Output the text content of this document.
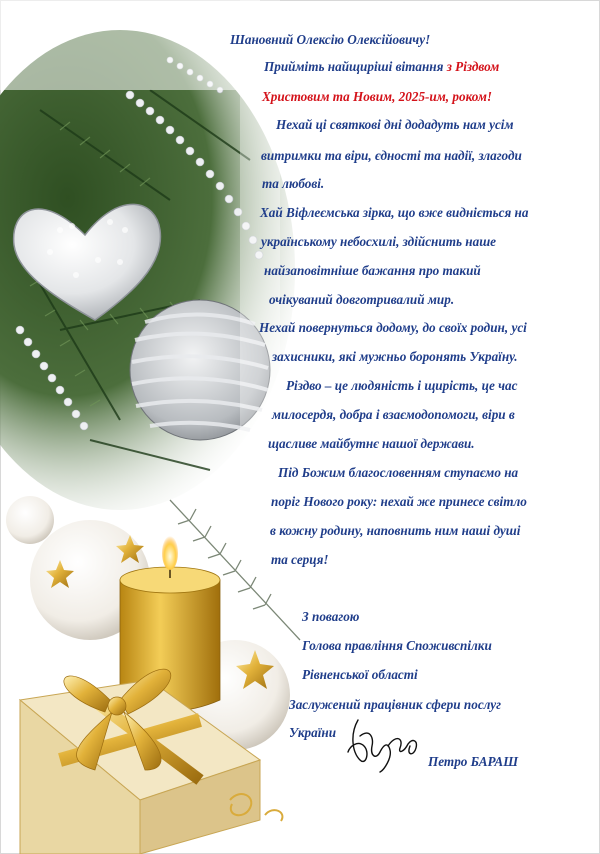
Шановний Олексію Олексійовичу!
Прийміть найщиріші вітання з Різдвом
Христовим та Новим, 2025-им, роком!
Нехай ці святкові дні додадуть нам усім
витримки та віри, єдності та надії, злагоди
та любові.
Хай Віфлеємська зірка, що вже видніється на
українському небосхилі, здійснить наше
найзаповітніше бажання про такий
очікуваний довготривалий мир.
Нехай повернуться додому, до своїх родин, усі
захисники, які мужньо боронять Україну.
Різдво – це людяність і щирість, це час
милосердя, добра і взаємодопомоги, віри в
щасливе майбутнє нашої держави.
Під Божим благословенням ступаємо на
поріг Нового року: нехай же принесе світло
в кожну родину, наповнить ним наші душі
та серця!
З повагою
Голова правління Споживспілки
Рівненської області
Заслужений працівник сфери послуг
України
Петро БАРАШ
